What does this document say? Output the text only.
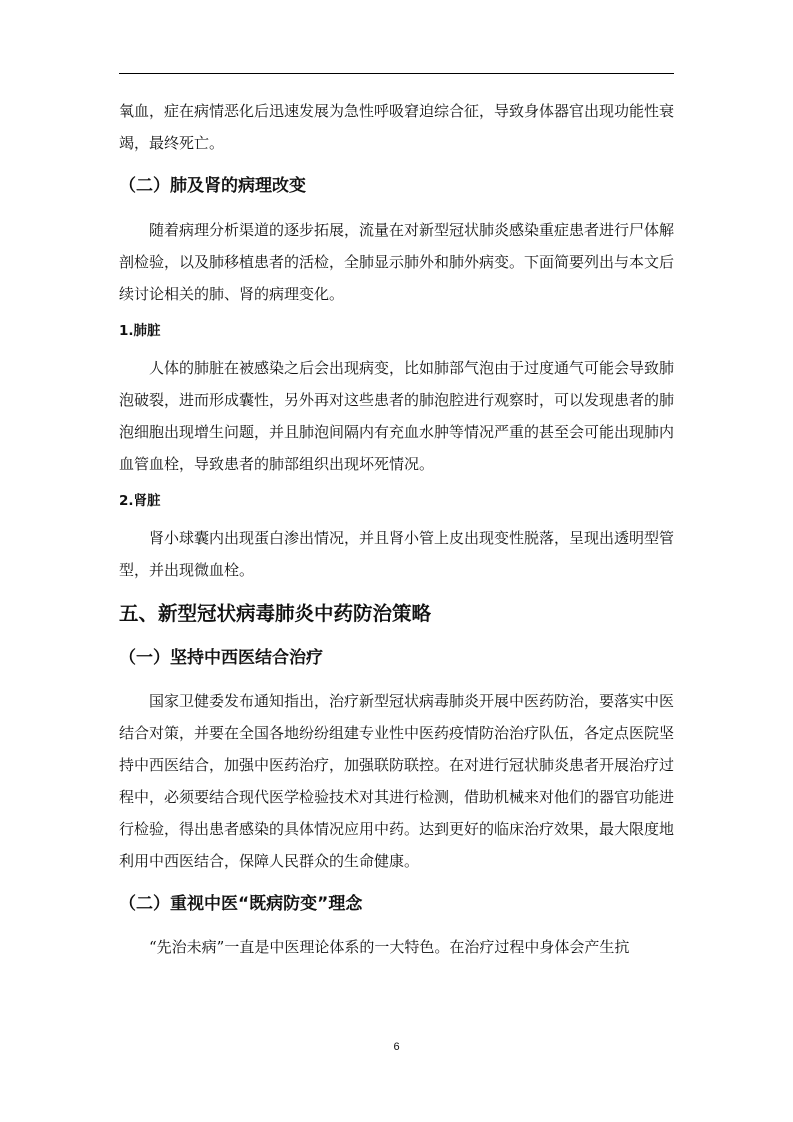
氧血，症在病情恶化后迅速发展为急性呼吸窘迫综合征，导致身体器官出现功能性衰竭，最终死亡。

（二）肺及肾的病理改变

随着病理分析渠道的逐步拓展，流量在对新型冠状肺炎感染重症患者进行尸体解剖检验，以及肺移植患者的活检，全肺显示肺外和肺外病变。下面简要列出与本文后续讨论相关的肺、肾的病理变化。

1.肺脏

人体的肺脏在被感染之后会出现病变，比如肺部气泡由于过度通气可能会导致肺泡破裂，进而形成囊性，另外再对这些患者的肺泡腔进行观察时，可以发现患者的肺泡细胞出现增生问题，并且肺泡间隔内有充血水肿等情况严重的甚至会可能出现肺内血管血栓，导致患者的肺部组织出现坏死情况。

2.肾脏

肾小球囊内出现蛋白渗出情况，并且肾小管上皮出现变性脱落，呈现出透明型管型，并出现微血栓。

五、新型冠状病毒肺炎中药防治策略
（一）坚持中西医结合治疗

国家卫健委发布通知指出，治疗新型冠状病毒肺炎开展中医药防治，要落实中医结合对策，并要在全国各地纷纷组建专业性中医药疫情防治治疗队伍，各定点医院坚持中西医结合，加强中医药治疗，加强联防联控。在对进行冠状肺炎患者开展治疗过程中，必须要结合现代医学检验技术对其进行检测，借助机械来对他们的器官功能进行检验，得出患者感染的具体情况应用中药。达到更好的临床治疗效果，最大限度地利用中西医结合，保障人民群众的生命健康。

（二）重视中医“既病防变”理念

“先治未病”一直是中医理论体系的一大特色。在治疗过程中身体会产生抗

6
